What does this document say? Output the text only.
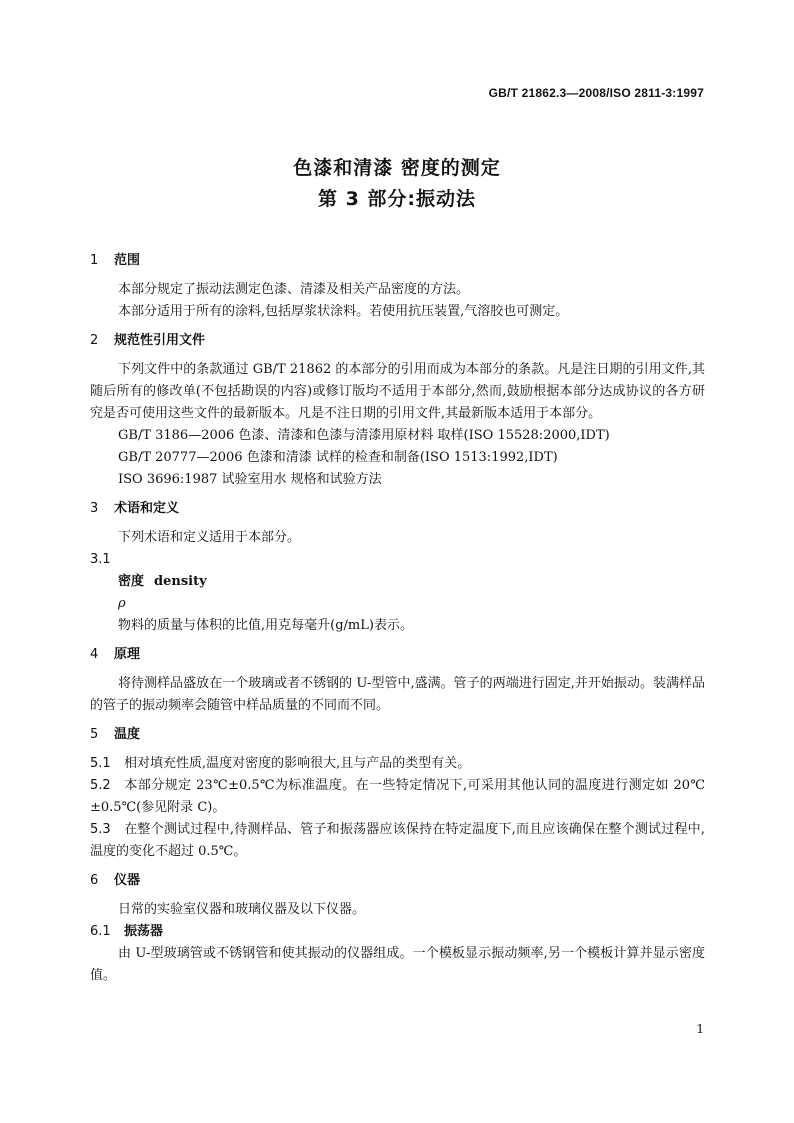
GB/T 21862.3—2008/ISO 2811-3:1997
色漆和清漆 密度的测定
第 3 部分:振动法
1 范围
本部分规定了振动法测定色漆、清漆及相关产品密度的方法。
本部分适用于所有的涂料,包括厚浆状涂料。若使用抗压装置,气溶胶也可测定。
2 规范性引用文件
下列文件中的条款通过 GB/T 21862 的本部分的引用而成为本部分的条款。凡是注日期的引用文件,其随后所有的修改单(不包括勘误的内容)或修订版均不适用于本部分,然而,鼓励根据本部分达成协议的各方研究是否可使用这些文件的最新版本。凡是不注日期的引用文件,其最新版本适用于本部分。
GB/T 3186—2006 色漆、清漆和色漆与清漆用原材料 取样(ISO 15528:2000,IDT)
GB/T 20777—2006 色漆和清漆 试样的检查和制备(ISO 1513:1992,IDT)
ISO 3696:1987 试验室用水 规格和试验方法
3 术语和定义
下列术语和定义适用于本部分。
3.1
密度 density
ρ
物料的质量与体积的比值,用克每毫升(g/mL)表示。
4 原理
将待测样品盛放在一个玻璃或者不锈钢的 U-型管中,盛满。管子的两端进行固定,并开始振动。装满样品的管子的振动频率会随管中样品质量的不同而不同。
5 温度
5.1 相对填充性质,温度对密度的影响很大,且与产品的类型有关。
5.2 本部分规定 23℃±0.5℃为标准温度。在一些特定情况下,可采用其他认同的温度进行测定如 20℃±0.5℃(参见附录 C)。
5.3 在整个测试过程中,待测样品、管子和振荡器应该保持在特定温度下,而且应该确保在整个测试过程中,温度的变化不超过 0.5℃。
6 仪器
日常的实验室仪器和玻璃仪器及以下仪器。
6.1 振荡器
由 U-型玻璃管或不锈钢管和使其振动的仪器组成。一个模板显示振动频率,另一个模板计算并显示密度值。
1
